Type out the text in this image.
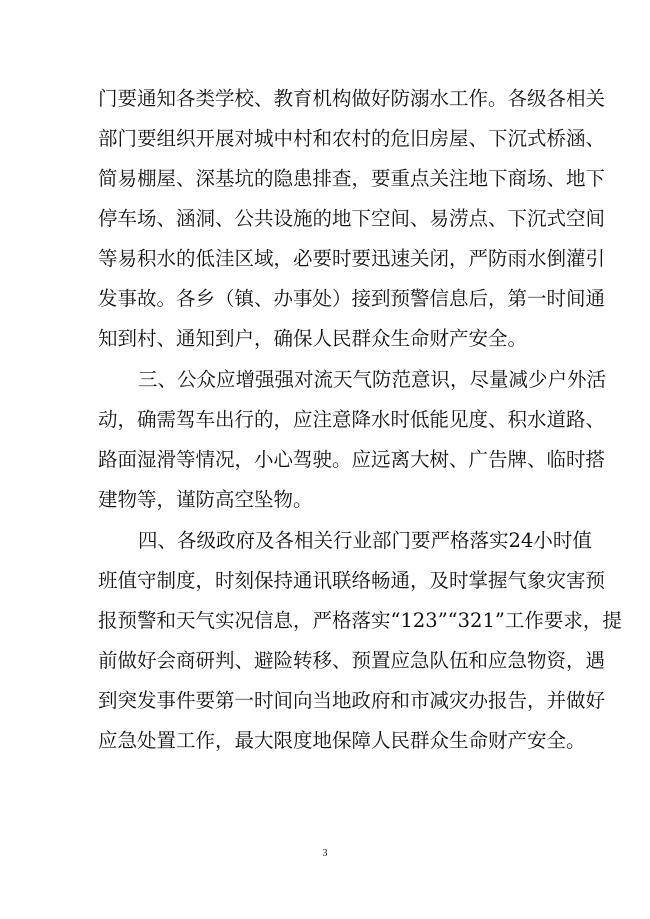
门要通知各类学校、教育机构做好防溺水工作。各级各相关
部门要组织开展对城中村和农村的危旧房屋、下沉式桥涵、
简易棚屋、深基坑的隐患排查，要重点关注地下商场、地下
停车场、涵洞、公共设施的地下空间、易涝点、下沉式空间
等易积水的低洼区域，必要时要迅速关闭，严防雨水倒灌引
发事故。各乡（镇、办事处）接到预警信息后，第一时间通
知到村、通知到户，确保人民群众生命财产安全。
三、公众应增强强对流天气防范意识，尽量减少户外活
动，确需驾车出行的，应注意降水时低能见度、积水道路、
路面湿滑等情况，小心驾驶。应远离大树、广告牌、临时搭
建物等，谨防高空坠物。
四、各级政府及各相关行业部门要严格落实24小时值
班值守制度，时刻保持通讯联络畅通，及时掌握气象灾害预
报预警和天气实况信息，严格落实“123”“321”工作要求，提
前做好会商研判、避险转移、预置应急队伍和应急物资，遇
到突发事件要第一时间向当地政府和市减灾办报告，并做好
应急处置工作，最大限度地保障人民群众生命财产安全。
3
